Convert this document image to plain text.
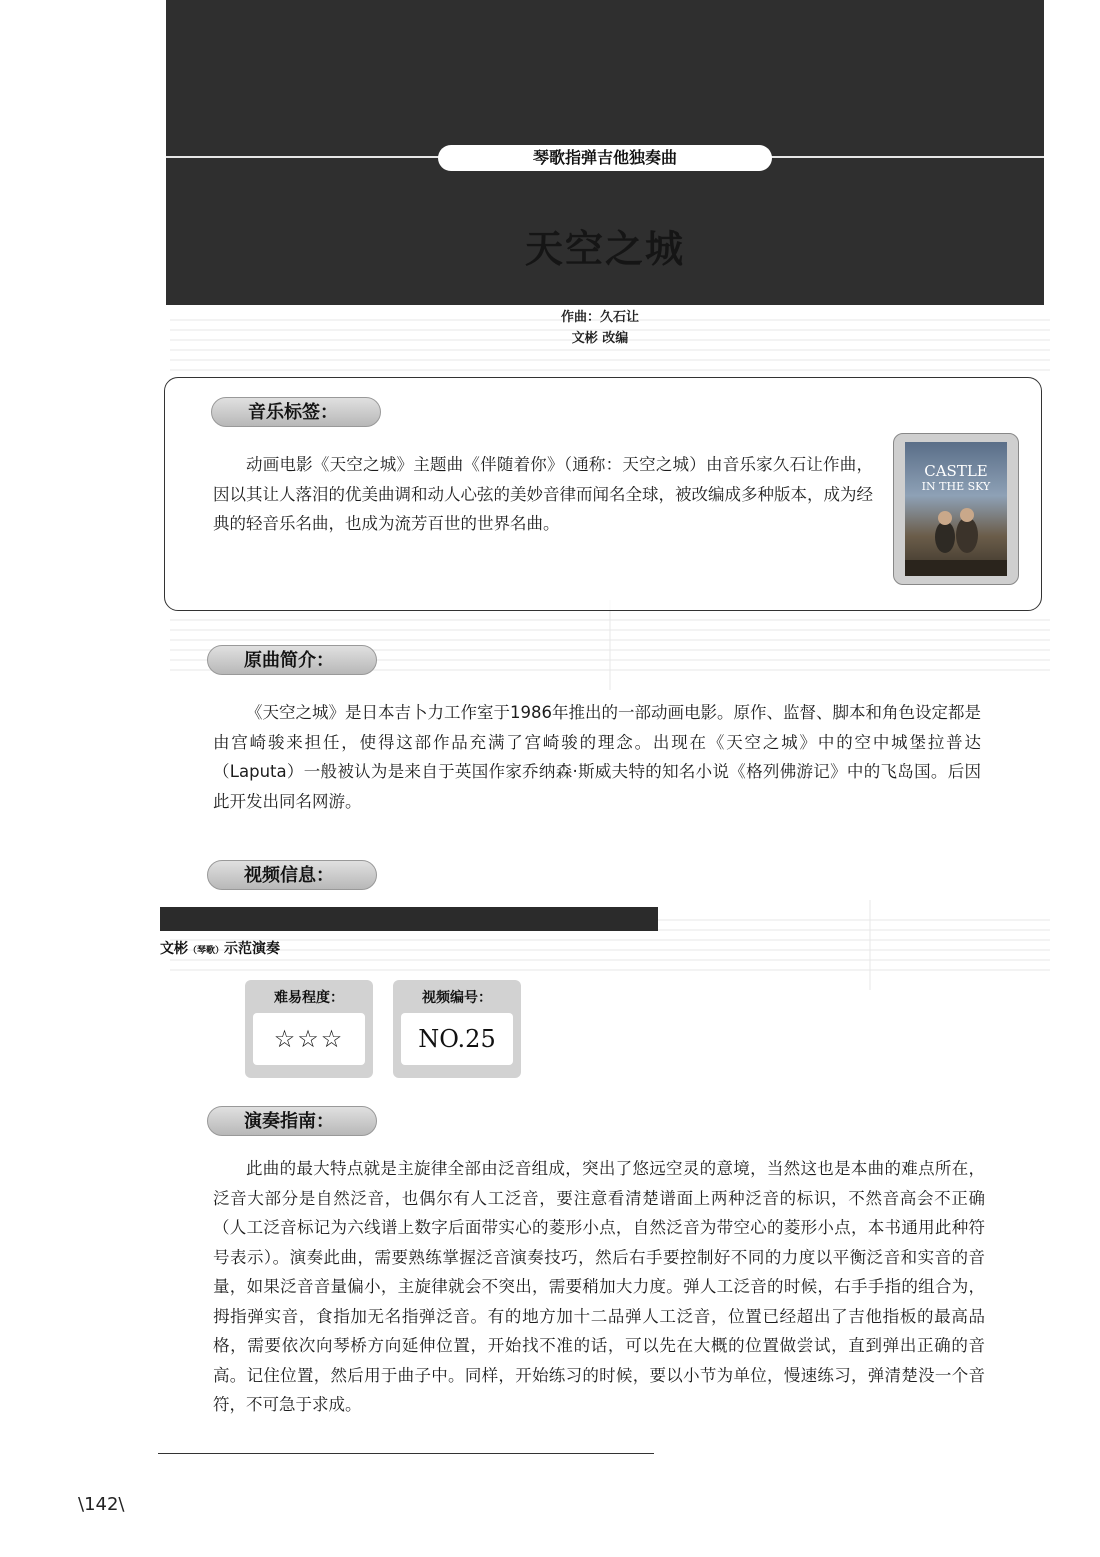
琴歌指弹吉他独奏曲
天空之城
作曲：久石让
文彬 改编
音乐标签：
动画电影《天空之城》主题曲《伴随着你》（通称：天空之城）由音乐家久石让作曲，因以其让人落泪的优美曲调和动人心弦的美妙音律而闻名全球，被改编成多种版本，成为经典的轻音乐名曲，也成为流芳百世的世界名曲。
CASTLE
IN THE SKY
原曲简介：
《天空之城》是日本吉卜力工作室于1986年推出的一部动画电影。原作、监督、脚本和角色设定都是由宫崎骏来担任，使得这部作品充满了宫崎骏的理念。出现在《天空之城》中的空中城堡拉普达（Laputa）一般被认为是来自于英国作家乔纳森·斯威夫特的知名小说《格列佛游记》中的飞岛国。后因此开发出同名网游。
视频信息：
文彬（琴歌）示范演奏
难易程度：
☆☆☆
视频编号：
NO.25
演奏指南：
此曲的最大特点就是主旋律全部由泛音组成，突出了悠远空灵的意境，当然这也是本曲的难点所在，泛音大部分是自然泛音，也偶尔有人工泛音，要注意看清楚谱面上两种泛音的标识，不然音高会不正确（人工泛音标记为六线谱上数字后面带实心的菱形小点，自然泛音为带空心的菱形小点，本书通用此种符号表示）。演奏此曲，需要熟练掌握泛音演奏技巧，然后右手要控制好不同的力度以平衡泛音和实音的音量，如果泛音音量偏小，主旋律就会不突出，需要稍加大力度。弹人工泛音的时候，右手手指的组合为，拇指弹实音，食指加无名指弹泛音。有的地方加十二品弹人工泛音，位置已经超出了吉他指板的最高品格，需要依次向琴桥方向延伸位置，开始找不准的话，可以先在大概的位置做尝试，直到弹出正确的音高。记住位置，然后用于曲子中。同样，开始练习的时候，要以小节为单位，慢速练习，弹清楚没一个音符，不可急于求成。
\142\
